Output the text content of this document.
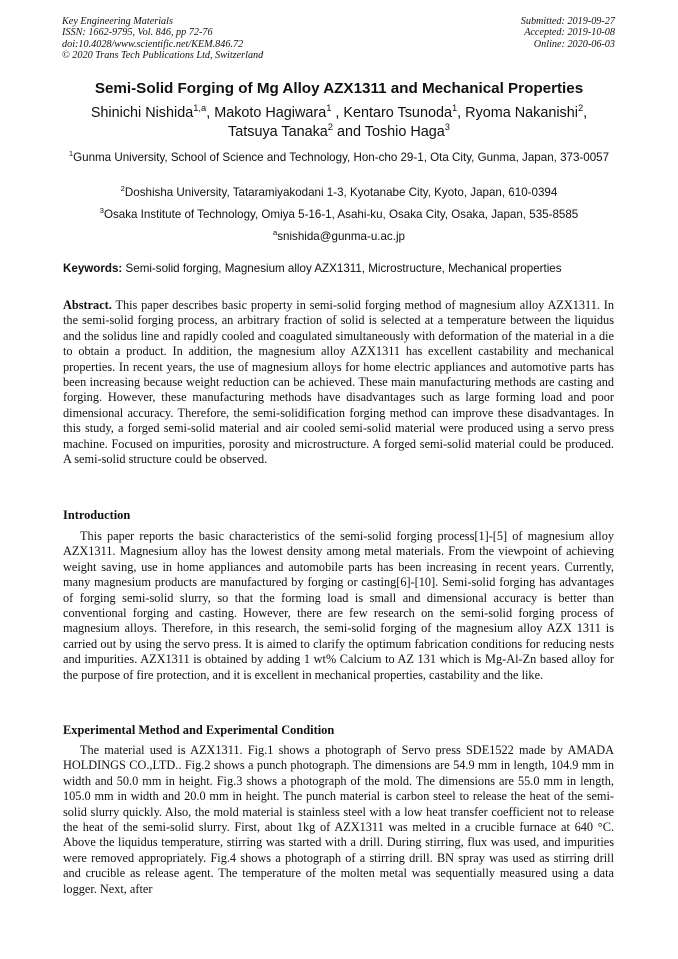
Key Engineering Materials
ISSN: 1662-9795, Vol. 846, pp 72-76
doi:10.4028/www.scientific.net/KEM.846.72
© 2020 Trans Tech Publications Ltd, Switzerland
Submitted: 2019-09-27
Accepted: 2019-10-08
Online: 2020-06-03
Semi-Solid Forging of Mg Alloy AZX1311 and Mechanical Properties
Shinichi Nishida$^{1,a}$, Makoto Hagiwara$^1$ , Kentaro Tsunoda$^1$, Ryoma Nakanishi$^2$,
Tatsuya Tanaka$^2$ and Toshio Haga$^3$
$^1$Gunma University, School of Science and Technology, Hon-cho 29-1, Ota City, Gunma, Japan, 373-0057
$^2$Doshisha University, Tataramiyakodani 1-3, Kyotanabe City, Kyoto, Japan, 610-0394
$^3$Osaka Institute of Technology, Omiya 5-16-1, Asahi-ku, Osaka City, Osaka, Japan, 535-8585
$^a$snishida@gunma-u.ac.jp
Keywords: Semi-solid forging, Magnesium alloy AZX1311, Microstructure, Mechanical properties

Abstract. This paper describes basic property in semi-solid forging method of magnesium alloy AZX1311. In the semi-solid forging process, an arbitrary fraction of solid is selected at a temperature between the liquidus and the solidus line and rapidly cooled and coagulated simultaneously with deformation of the material in a die to obtain a product. In addition, the magnesium alloy AZX1311 has excellent castability and mechanical properties. In recent years, the use of magnesium alloys for home electric appliances and automotive parts has been increasing because weight reduction can be achieved. These main manufacturing methods are casting and forging. However, these manufacturing methods have disadvantages such as large forming load and poor dimensional accuracy. Therefore, the semi-solidification forging method can improve these disadvantages. In this study, a forged semi-solid material and air cooled semi-solid material were produced using a servo press machine. Focused on impurities, porosity and microstructure. A forged semi-solid material could be produced. A semi-solid structure could be observed.

Introduction

This paper reports the basic characteristics of the semi-solid forging process[1]-[5] of magnesium alloy AZX1311. Magnesium alloy has the lowest density among metal materials. From the viewpoint of achieving weight saving, use in home appliances and automobile parts has been increasing in recent years. Currently, many magnesium products are manufactured by forging or casting[6]-[10]. Semi-solid forging has advantages of forging semi-solid slurry, so that the forming load is small and dimensional accuracy is better than conventional forging and casting. However, there are few research on the semi-solid forging process of magnesium alloys. Therefore, in this research, the semi-solid forging of the magnesium alloy AZX 1311 is carried out by using the servo press. It is aimed to clarify the optimum fabrication conditions for reducing nests and impurities. AZX1311 is obtained by adding 1 wt% Calcium to AZ 131 which is Mg-Al-Zn based alloy for the purpose of fire protection, and it is excellent in mechanical properties, castability and the like.

Experimental Method and Experimental Condition

The material used is AZX1311. Fig.1 shows a photograph of Servo press SDE1522 made by AMADA HOLDINGS CO.,LTD.. Fig.2 shows a punch photograph. The dimensions are 54.9 mm in length, 104.9 mm in width and 50.0 mm in height. Fig.3 shows a photograph of the mold. The dimensions are 55.0 mm in length, 105.0 mm in width and 20.0 mm in height. The punch material is carbon steel to release the heat of the semi-solid slurry quickly. Also, the mold material is stainless steel with a low heat transfer coefficient not to release the heat of the semi-solid slurry. First, about 1kg of AZX1311 was melted in a crucible furnace at 640 °C. Above the liquidus temperature, stirring was started with a drill. During stirring, flux was used, and impurities were removed appropriately. Fig.4 shows a photograph of a stirring drill. BN spray was used as stirring drill and crucible as release agent. The temperature of the molten metal was sequentially measured using a data logger. Next, after
